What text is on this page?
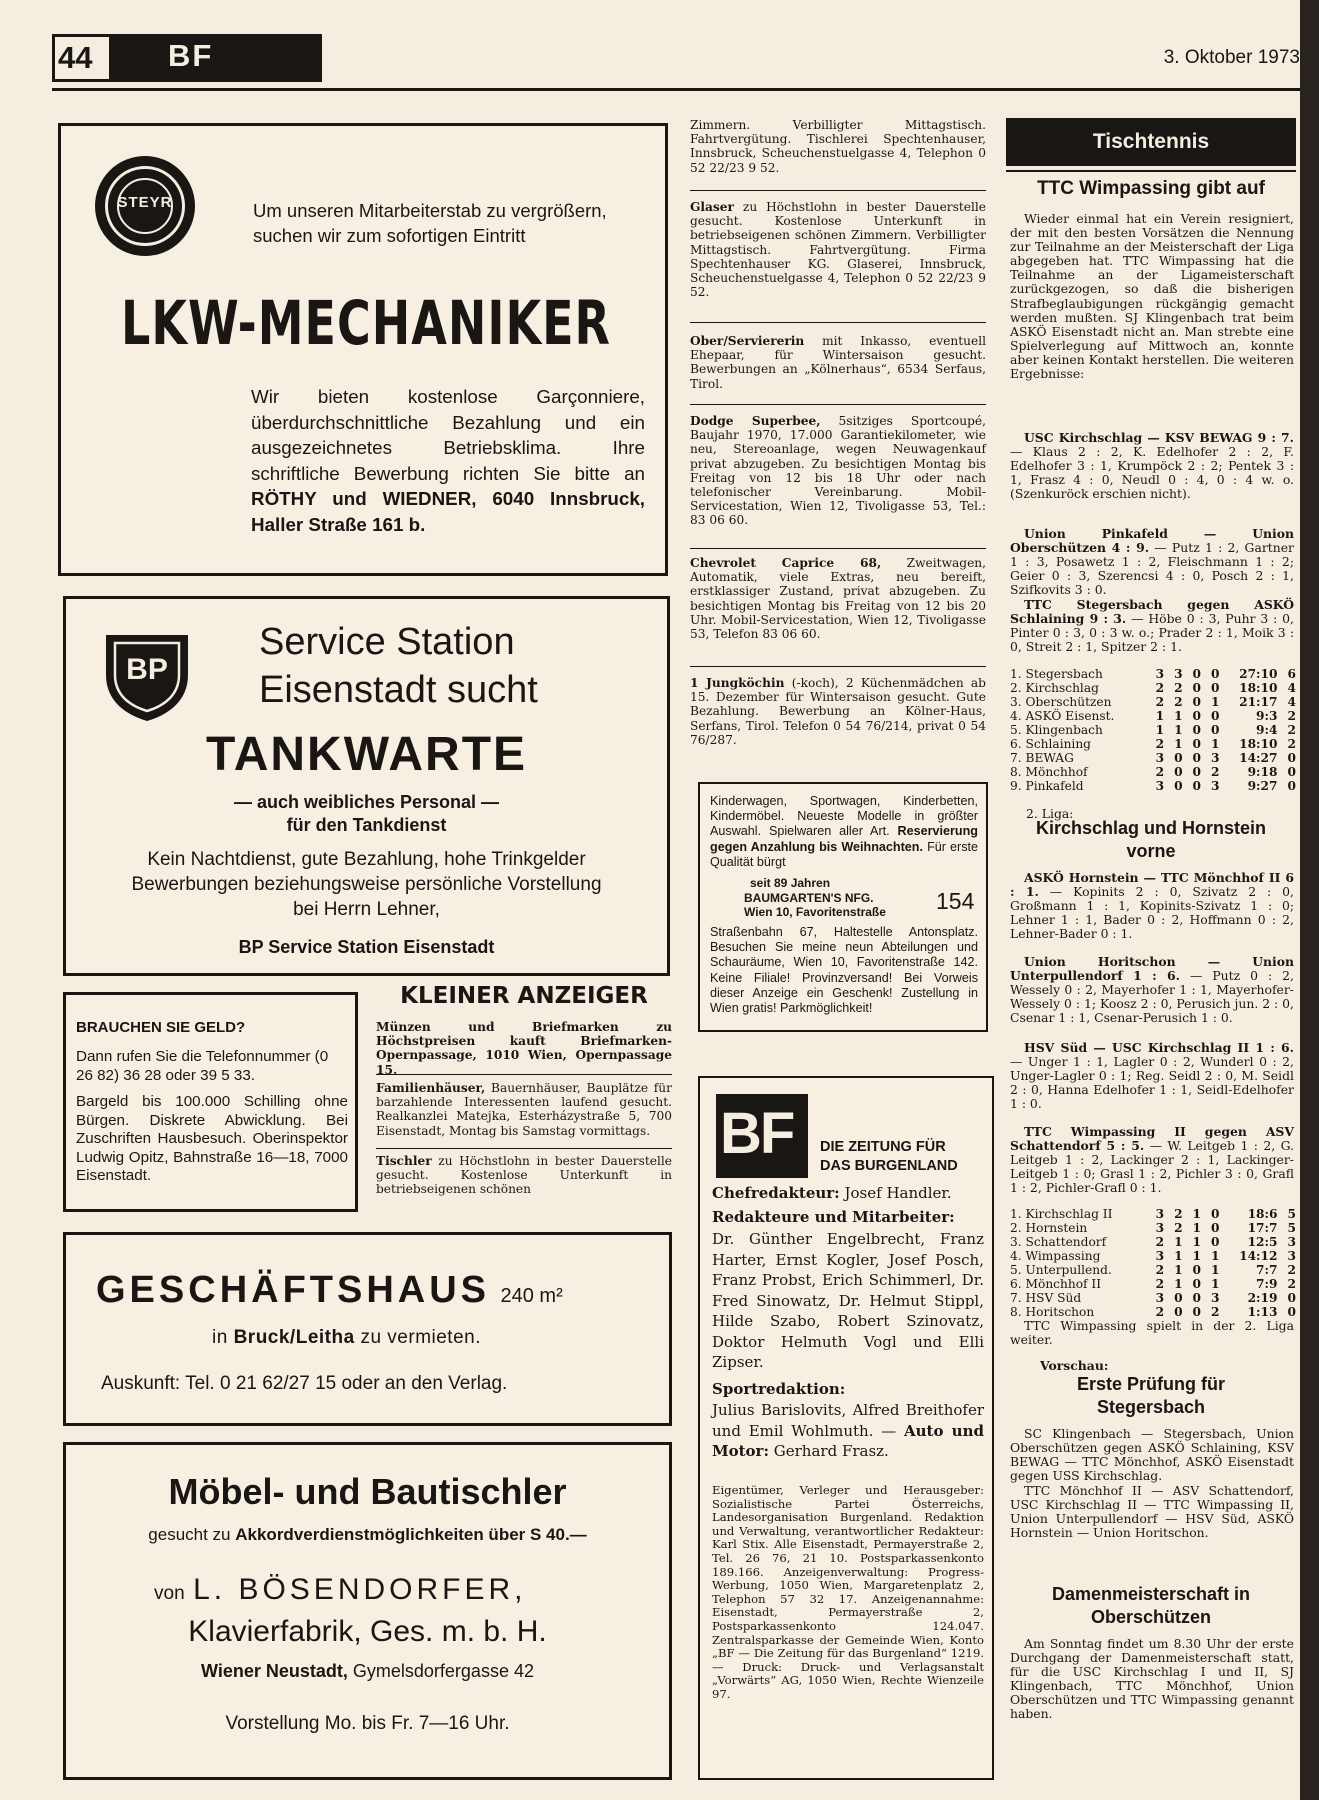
44 BF	3. Oktober 1973
STEYR	Um unseren Mitarbeiterstab zu vergrößern, suchen wir zum sofortigen Eintritt

LKW-MECHANIKER

Wir bieten kostenlose Garçonniere, überdurchschnittliche Bezahlung und ein ausgezeichnetes Betriebsklima. Ihre schriftliche Bewerbung richten Sie bitte an RÖTHY und WIEDNER, 6040 Innsbruck, Haller Straße 161 b.

BP

Service Station

Eisenstadt sucht

TANKWARTE

— auch weibliches Personal —

für den Tankdienst

Kein Nachtdienst, gute Bezahlung, hohe Trinkgelder

Bewerbungen beziehungsweise persönliche Vorstellung

bei Herrn Lehner,

BP Service Station Eisenstadt

BRAUCHEN SIE GELD?

Dann rufen Sie die Telefonnummer (0 26 82) 36 28 oder 39 5 33.

Bargeld bis 100.000 Schilling ohne Bürgen. Diskrete Abwicklung. Bei Zuschriften Hausbesuch. Oberinspektor Ludwig Opitz, Bahnstraße 16—18, 7000 Eisenstadt.

KLEINER ANZEIGER

Münzen und Briefmarken zu Höchstpreisen kauft Briefmarken-Opernpassage, 1010 Wien, Opernpassage 15.

Familienhäuser, Bauernhäuser, Bauplätze für barzahlende Interessenten laufend gesucht. Realkanzlei Matejka, Esterházystraße 5, 700 Eisenstadt, Montag bis Samstag vormittags.

Tischler zu Höchstlohn in bester Dauerstelle gesucht. Kostenlose Unterkunft in betriebseigenen schönen

GESCHÄFTSHAUS 240 m²

in Bruck/Leitha zu vermieten.

Auskunft: Tel. 0 21 62/27 15 oder an den Verlag.

Möbel- und Bautischler

gesucht zu Akkordverdienstmöglichkeiten über S 40.—

von L. BÖSENDORFER,

Klavierfabrik, Ges. m. b. H.

Wiener Neustadt, Gymelsdorfergasse 42

Vorstellung Mo. bis Fr. 7—16 Uhr.

Zimmern. Verbilligter Mittagstisch. Fahrtvergütung. Tischlerei Spechtenhauser, Innsbruck, Scheuchenstuelgasse 4, Telephon 0 52 22/23 9 52.

Glaser zu Höchstlohn in bester Dauerstelle gesucht. Kostenlose Unterkunft in betriebseigenen schönen Zimmern. Verbilligter Mittagstisch. Fahrtvergütung. Firma Spechtenhauser KG. Glaserei, Innsbruck, Scheuchenstuelgasse 4, Telephon 0 52 22/23 9 52.

Ober/Serviererin mit Inkasso, eventuell Ehepaar, für Wintersaison gesucht. Bewerbungen an „Kölnerhaus“, 6534 Serfaus, Tirol.

Dodge Superbee, 5sitziges Sportcoupé, Baujahr 1970, 17.000 Garantiekilometer, wie neu, Stereoanlage, wegen Neuwagenkauf privat abzugeben. Zu besichtigen Montag bis Freitag von 12 bis 18 Uhr oder nach telefonischer Vereinbarung. Mobil-Servicestation, Wien 12, Tivoligasse 53, Tel.: 83 06 60.

Chevrolet Caprice 68, Zweitwagen, Automatik, viele Extras, neu bereift, erstklassiger Zustand, privat abzugeben. Zu besichtigen Montag bis Freitag von 12 bis 20 Uhr. Mobil-Servicestation, Wien 12, Tivoligasse 53, Telefon 83 06 60.

1 Jungköchin (-koch), 2 Küchenmädchen ab 15. Dezember für Wintersaison gesucht. Gute Bezahlung. Bewerbung an Kölner-Haus, Serfans, Tirol. Telefon 0 54 76/214, privat 0 54 76/287.

Kinderwagen, Sportwagen, Kinderbetten, Kindermöbel. Neueste Modelle in größter Auswahl. Spielwaren aller Art. Reservierung gegen Anzahlung bis Weihnachten. Für erste Qualität bürgt

seit 89 Jahren

BAUMGARTEN'S NFG.

Wien 10, Favoritenstraße 154

Straßenbahn 67, Haltestelle Antonsplatz. Besuchen Sie meine neun Abteilungen und Schauräume, Wien 10, Favoritenstraße 142. Keine Filiale! Provinzversand! Bei Vorweis dieser Anzeige ein Geschenk! Zustellung in Wien gratis! Parkmöglichkeit!

BF DIE ZEITUNG FÜR

DAS BURGENLAND

Chefredakteur: Josef Handler.

Redakteure und Mitarbeiter:

Dr. Günther Engelbrecht, Franz Harter, Ernst Kogler, Josef Posch, Franz Probst, Erich Schimmerl, Dr. Fred Sinowatz, Dr. Helmut Stippl, Hilde Szabo, Robert Szinovatz, Doktor Helmuth Vogl und Elli Zipser.

Sportredaktion:

Julius Barislovits, Alfred Breithofer und Emil Wohlmuth. — Auto und Motor: Gerhard Frasz.

Eigentümer, Verleger und Herausgeber: Sozialistische Partei Österreichs, Landesorganisation Burgenland. Redaktion und Verwaltung, verantwortlicher Redakteur: Karl Stix. Alle Eisenstadt, Permayerstraße 2, Tel. 26 76, 21 10. Postsparkassenkonto 189.166. Anzeigenverwaltung: Progress-Werbung, 1050 Wien, Margaretenplatz 2, Telephon 57 32 17. Anzeigenannahme: Eisenstadt, Permayerstraße 2, Postsparkassenkonto 124.047. Zentralsparkasse der Gemeinde Wien, Konto „BF — Die Zeitung für das Burgenland“ 1219. — Druck: Druck- und Verlagsanstalt „Vorwärts“ AG, 1050 Wien, Rechte Wienzeile 97.

Tischtennis

TTC Wimpassing gibt auf

Wieder einmal hat ein Verein resigniert, der mit den besten Vorsätzen die Nennung zur Teilnahme an der Meisterschaft der Liga abgegeben hat. TTC Wimpassing hat die Teilnahme an der Ligameisterschaft zurückgezogen, so daß die bisherigen Strafbeglaubigungen rückgängig gemacht werden mußten. SJ Klingenbach trat beim ASKÖ Eisenstadt nicht an. Man strebte eine Spielverlegung auf Mittwoch an, konnte aber keinen Kontakt herstellen. Die weiteren Ergebnisse:

USC Kirchschlag — KSV BEWAG 9 : 7. — Klaus 2 : 2, K. Edelhofer 2 : 2, F. Edelhofer 3 : 1, Krumpöck 2 : 2; Pentek 3 : 1, Frasz 4 : 0, Neudl 0 : 4, 0 : 4 w. o. (Szenkuröck erschien nicht).

Union Pinkafeld — Union Oberschützen 4 : 9. — Putz 1 : 2, Gartner 1 : 3, Posawetz 1 : 2, Fleischmann 1 : 2; Geier 0 : 3, Szerencsi 4 : 0, Posch 2 : 1, Szifkovits 3 : 0.

TTC Stegersbach gegen ASKÖ Schlaining 9 : 3. — Höbe 0 : 3, Puhr 3 : 0, Pinter 0 : 3, 0 : 3 w. o.; Prader 2 : 1, Moik 3 : 0, Streit 2 : 1, Spitzer 2 : 1.

1. Stegersbach	3	3	0	0	27:10	6
2. Kirchschlag	2	2	0	0	18:10	4
3. Oberschützen	2	2	0	1	21:17	4
4. ASKÖ Eisenst.	1	1	0	0	9:3	2
5. Klingenbach	1	1	0	0	9:4	2
6. Schlaining	2	1	0	1	18:10	2
7. BEWAG	3	0	0	3	14:27	0
8. Mönchhof	2	0	0	2	9:18	0
9. Pinkafeld	3	0	0	3	9:27	0

2. Liga:

Kirchschlag und Hornstein

vorne

ASKÖ Hornstein — TTC Mönchhof II 6 : 1. — Kopinits 2 : 0, Szivatz 2 : 0, Großmann 1 : 1, Kopinits-Szivatz 1 : 0; Lehner 1 : 1, Bader 0 : 2, Hoffmann 0 : 2, Lehner-Bader 0 : 1.

Union Horitschon — Union Unterpullendorf 1 : 6. — Putz 0 : 2, Wessely 0 : 2, Mayerhofer 1 : 1, Mayerhofer-Wessely 0 : 1; Koosz 2 : 0, Perusich jun. 2 : 0, Csenar 1 : 1, Csenar-Perusich 1 : 0.

HSV Süd — USC Kirchschlag II 1 : 6. — Unger 1 : 1, Lagler 0 : 2, Wunderl 0 : 2, Unger-Lagler 0 : 1; Reg. Seidl 2 : 0, M. Seidl 2 : 0, Hanna Edelhofer 1 : 1, Seidl-Edelhofer 1 : 0.

TTC Wimpassing II gegen ASV Schattendorf 5 : 5. — W. Leitgeb 1 : 2, G. Leitgeb 1 : 2, Lackinger 2 : 1, Lackinger-Leitgeb 1 : 0; Grasl 1 : 2, Pichler 3 : 0, Grafl 1 : 2, Pichler-Grafl 0 : 1.

1. Kirchschlag II	3	2	1	0	18:6	5
2. Hornstein	3	2	1	0	17:7	5
3. Schattendorf	2	1	1	0	12:5	3
4. Wimpassing	3	1	1	1	14:12	3
5. Unterpullend.	2	1	0	1	7:7	2
6. Mönchhof II	2	1	0	1	7:9	2
7. HSV Süd	3	0	0	3	2:19	0
8. Horitschon	2	0	0	2	1:13	0

TTC Wimpassing spielt in der 2. Liga weiter.

Vorschau:

Erste Prüfung für

Stegersbach

SC Klingenbach — Stegersbach, Union Oberschützen gegen ASKÖ Schlaining, KSV BEWAG — TTC Mönchhof, ASKÖ Eisenstadt gegen USS Kirchschlag.

TTC Mönchhof II — ASV Schattendorf, USC Kirchschlag II — TTC Wimpassing II, Union Unterpullendorf — HSV Süd, ASKÖ Hornstein — Union Horitschon.

Damenmeisterschaft in

Oberschützen

Am Sonntag findet um 8.30 Uhr der erste Durchgang der Damenmeisterschaft statt, für die USC Kirchschlag I und II, SJ Klingenbach, TTC Mönchhof, Union Oberschützen und TTC Wimpassing genannt haben.
